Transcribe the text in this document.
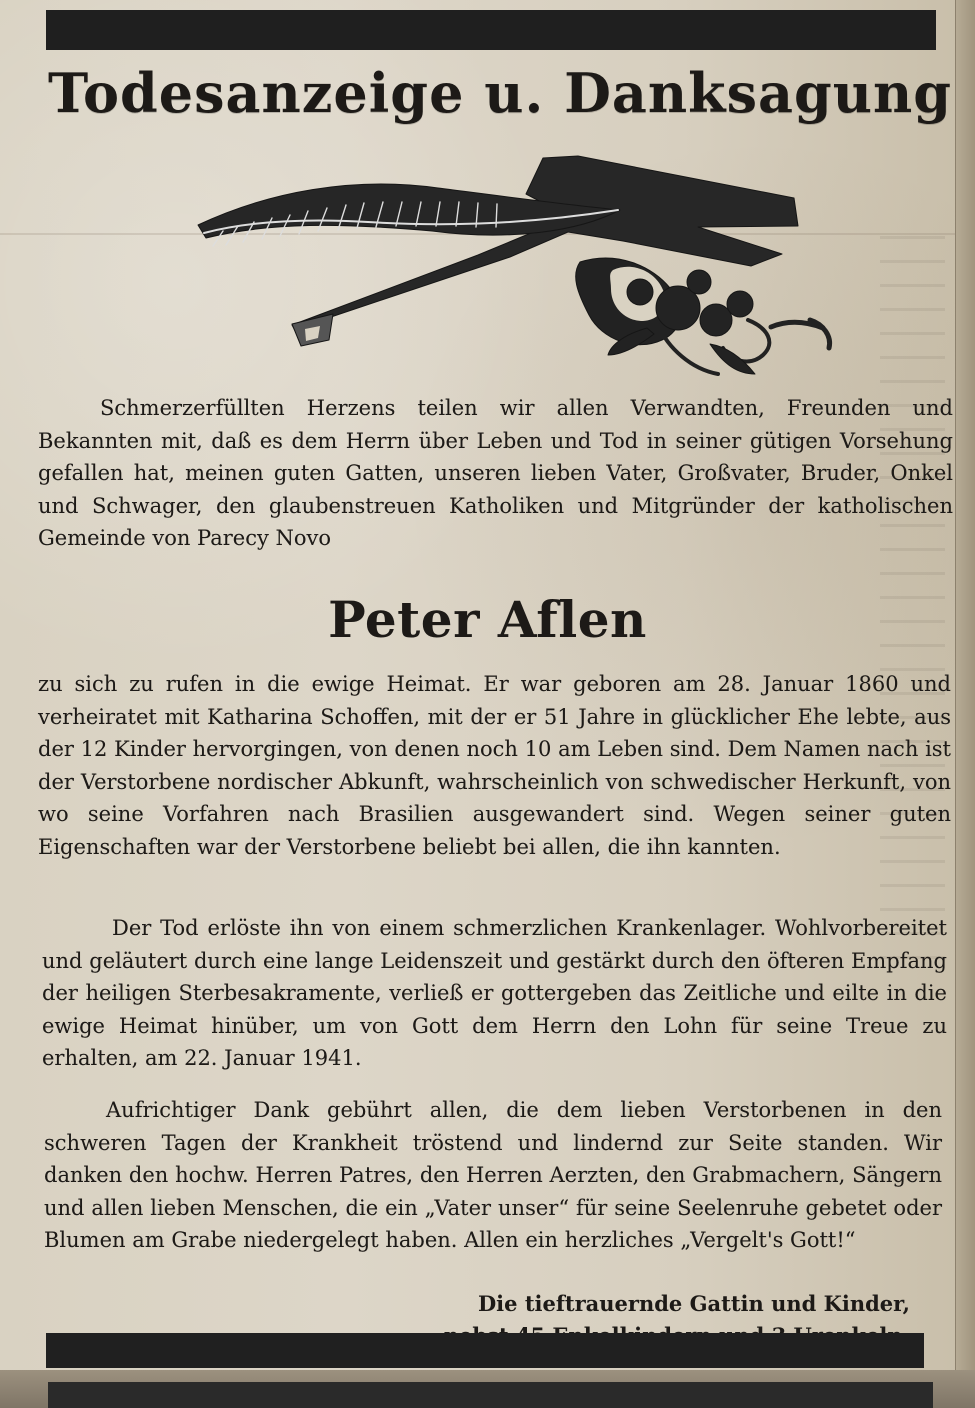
Todesanzeige u. Danksagung
Schmerzerfüllten Herzens teilen wir allen Verwandten, Freunden und Bekannten mit, daß es dem Herrn über Leben und Tod in seiner gütigen Vorsehung gefallen hat, meinen guten Gatten, unseren lieben Vater, Großvater, Bruder, Onkel und Schwager, den glaubenstreuen Katholiken und Mitgründer der katholischen Gemeinde von Parecy Novo
Peter Aflen
zu sich zu rufen in die ewige Heimat. Er war geboren am 28. Januar 1860 und verheiratet mit Katharina Schoffen, mit der er 51 Jahre in glücklicher Ehe lebte, aus der 12 Kinder hervorgingen, von denen noch 10 am Leben sind. Dem Namen nach ist der Verstorbene nordischer Abkunft, wahrscheinlich von schwedischer Herkunft, von wo seine Vorfahren nach Brasilien ausgewandert sind. Wegen seiner guten Eigenschaften war der Verstorbene beliebt bei allen, die ihn kannten.
Der Tod erlöste ihn von einem schmerzlichen Krankenlager. Wohlvorbereitet und geläutert durch eine lange Leidenszeit und gestärkt durch den öfteren Empfang der heiligen Sterbesakramente, verließ er gottergeben das Zeitliche und eilte in die ewige Heimat hinüber, um von Gott dem Herrn den Lohn für seine Treue zu erhalten, am 22. Januar 1941.
Aufrichtiger Dank gebührt allen, die dem lieben Verstorbenen in den schweren Tagen der Krankheit tröstend und lindernd zur Seite standen. Wir danken den hochw. Herren Patres, den Herren Aerzten, den Grabmachern, Sängern und allen lieben Menschen, die ein „Vater unser“ für seine Seelenruhe gebetet oder Blumen am Grabe niedergelegt haben. Allen ein herzliches „Vergelt's Gott!“
Die tieftrauernde Gattin und Kinder,
